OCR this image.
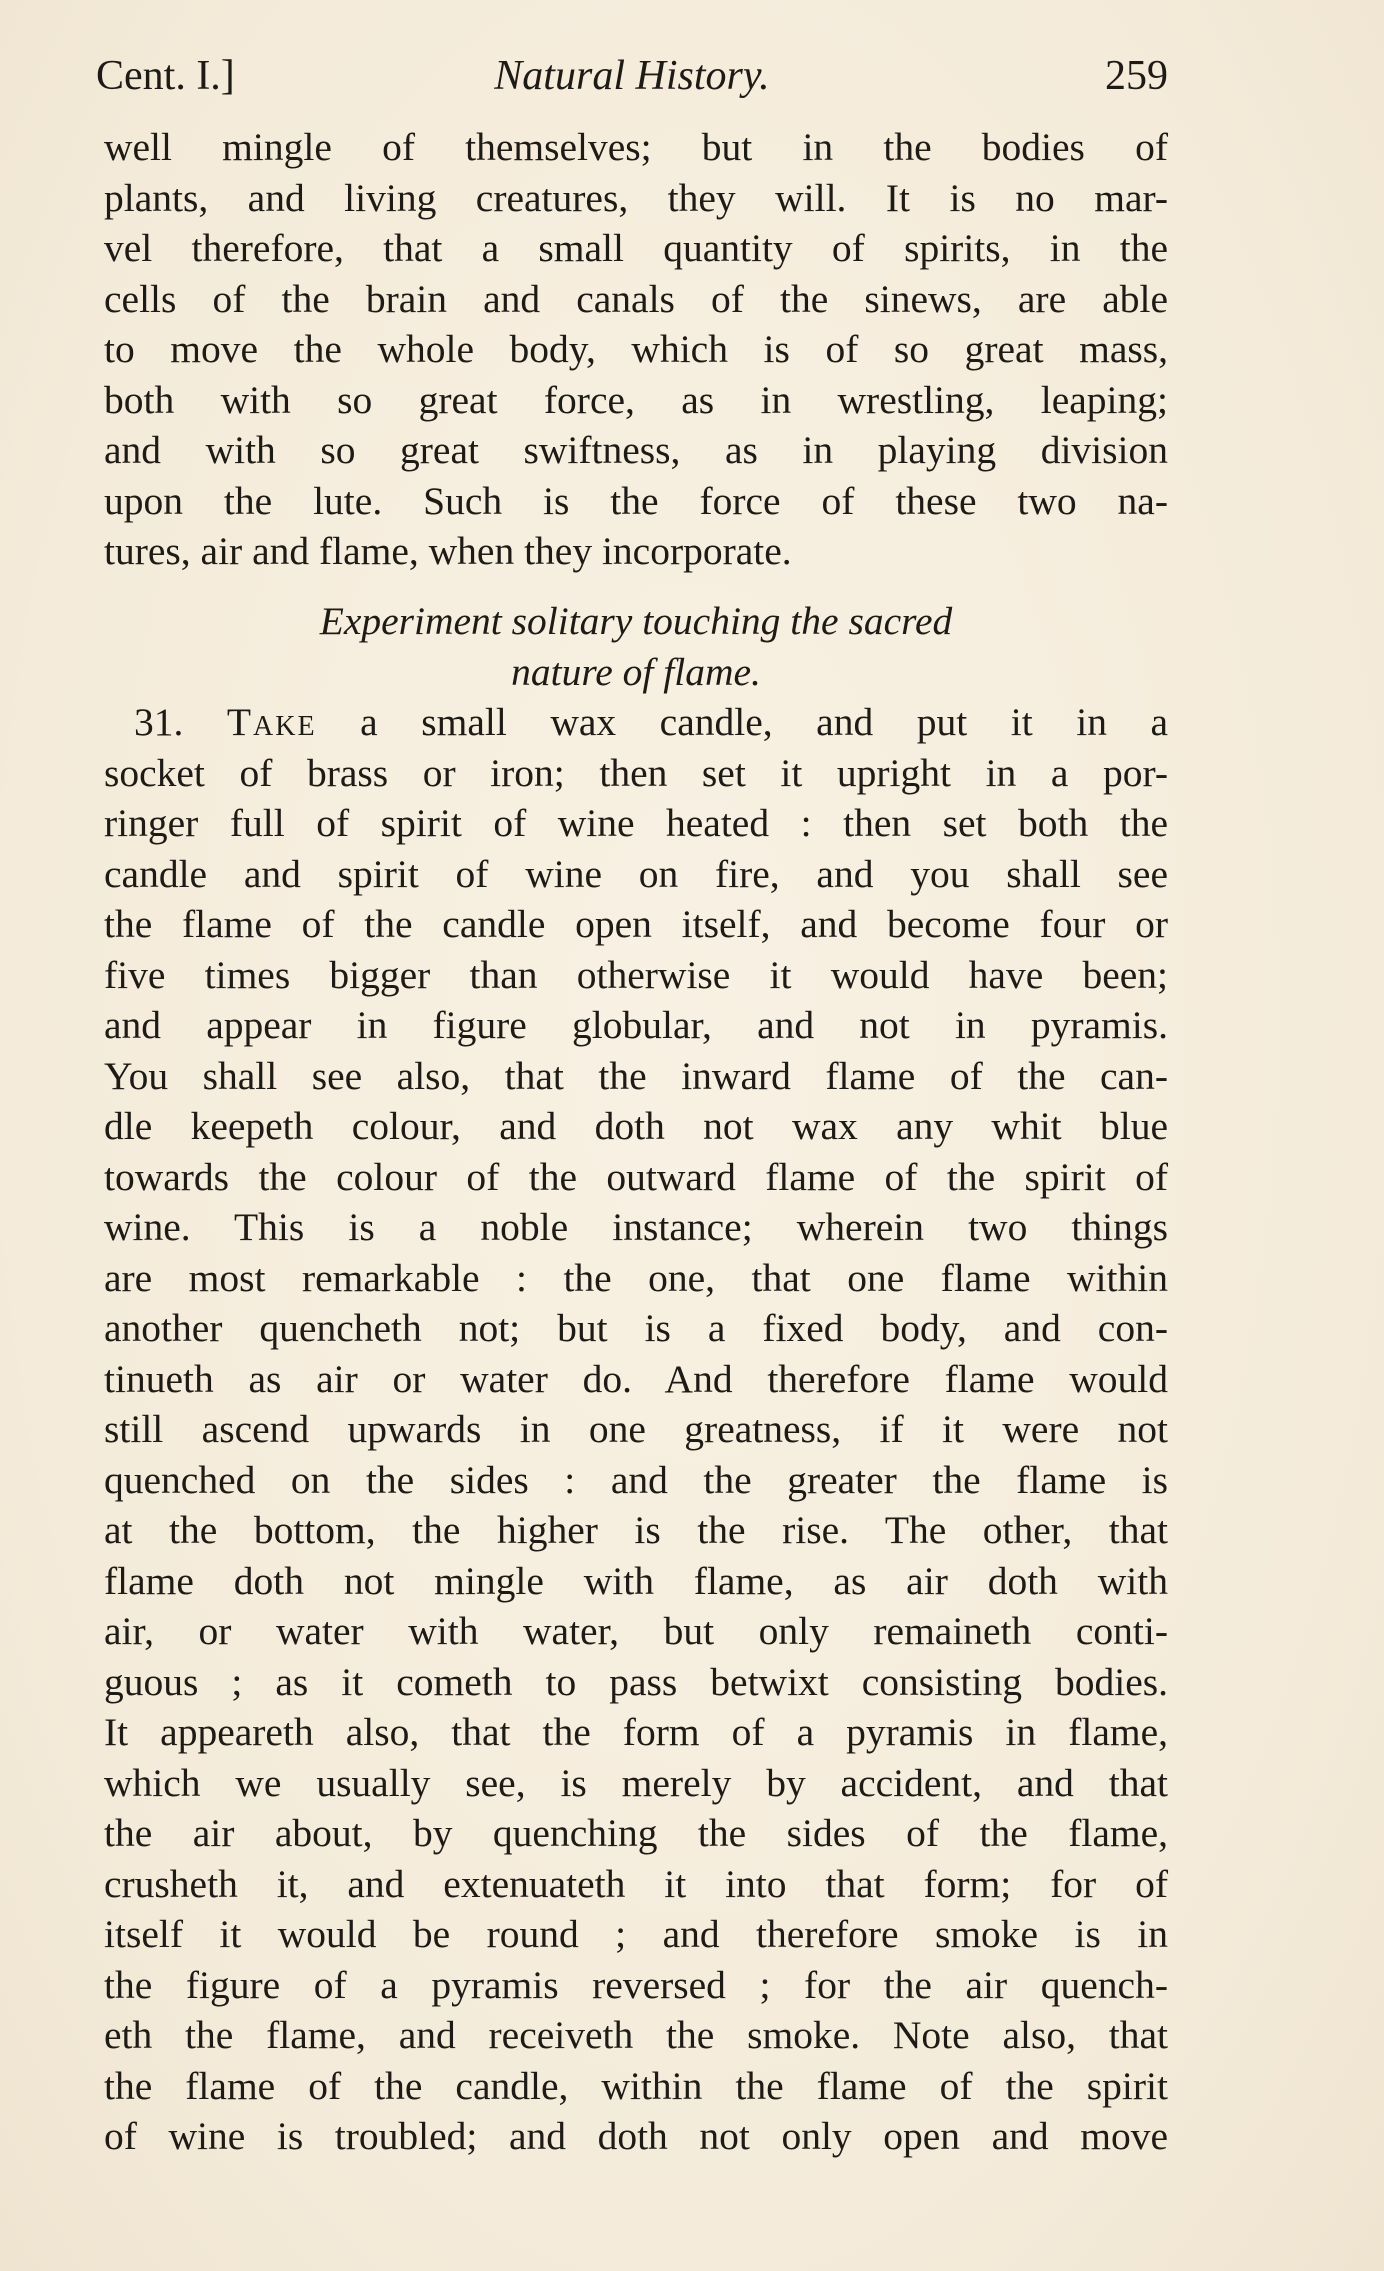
Cent. I.]	Natural History.	259
well mingle of themselves; but in the bodies of
plants, and living creatures, they will. It is no mar-
vel therefore, that a small quantity of spirits, in the
cells of the brain and canals of the sinews, are able
to move the whole body, which is of so great mass,
both with so great force, as in wrestling, leaping;
and with so great swiftness, as in playing division
upon the lute. Such is the force of these two na-
tures, air and flame, when they incorporate.
Experiment solitary touching the sacred
nature of flame.
31. Take a small wax candle, and put it in a
socket of brass or iron; then set it upright in a por-
ringer full of spirit of wine heated : then set both the
candle and spirit of wine on fire, and you shall see
the flame of the candle open itself, and become four or
five times bigger than otherwise it would have been;
and appear in figure globular, and not in pyramis.
You shall see also, that the inward flame of the can-
dle keepeth colour, and doth not wax any whit blue
towards the colour of the outward flame of the spirit of
wine. This is a noble instance; wherein two things
are most remarkable : the one, that one flame within
another quencheth not; but is a fixed body, and con-
tinueth as air or water do. And therefore flame would
still ascend upwards in one greatness, if it were not
quenched on the sides : and the greater the flame is
at the bottom, the higher is the rise. The other, that
flame doth not mingle with flame, as air doth with
air, or water with water, but only remaineth conti-
guous ; as it cometh to pass betwixt consisting bodies.
It appeareth also, that the form of a pyramis in flame,
which we usually see, is merely by accident, and that
the air about, by quenching the sides of the flame,
crusheth it, and extenuateth it into that form; for of
itself it would be round ; and therefore smoke is in
the figure of a pyramis reversed ; for the air quench-
eth the flame, and receiveth the smoke. Note also, that
the flame of the candle, within the flame of the spirit
of wine is troubled; and doth not only open and move
